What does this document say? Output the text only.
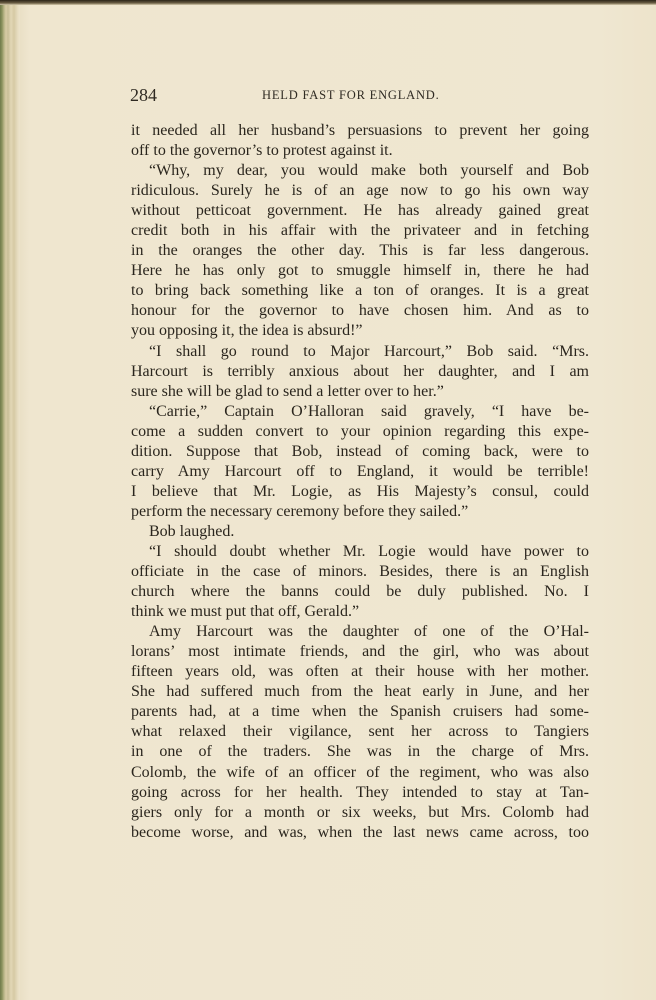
284	HELD FAST FOR ENGLAND.
it needed all her husband’s persuasions to prevent her going
off to the governor’s to protest against it.
“Why, my dear, you would make both yourself and Bob
ridiculous. Surely he is of an age now to go his own way
without petticoat government. He has already gained great
credit both in his affair with the privateer and in fetching
in the oranges the other day. This is far less dangerous.
Here he has only got to smuggle himself in, there he had
to bring back something like a ton of oranges. It is a great
honour for the governor to have chosen him. And as to
you opposing it, the idea is absurd!”
“I shall go round to Major Harcourt,” Bob said. “Mrs.
Harcourt is terribly anxious about her daughter, and I am
sure she will be glad to send a letter over to her.”
“Carrie,” Captain O’Halloran said gravely, “I have be-
come a sudden convert to your opinion regarding this expe-
dition. Suppose that Bob, instead of coming back, were to
carry Amy Harcourt off to England, it would be terrible!
I believe that Mr. Logie, as His Majesty’s consul, could
perform the necessary ceremony before they sailed.”
Bob laughed.
“I should doubt whether Mr. Logie would have power to
officiate in the case of minors. Besides, there is an English
church where the banns could be duly published. No. I
think we must put that off, Gerald.”
Amy Harcourt was the daughter of one of the O’Hal-
lorans’ most intimate friends, and the girl, who was about
fifteen years old, was often at their house with her mother.
She had suffered much from the heat early in June, and her
parents had, at a time when the Spanish cruisers had some-
what relaxed their vigilance, sent her across to Tangiers
in one of the traders. She was in the charge of Mrs.
Colomb, the wife of an officer of the regiment, who was also
going across for her health. They intended to stay at Tan-
giers only for a month or six weeks, but Mrs. Colomb had
become worse, and was, when the last news came across, too
